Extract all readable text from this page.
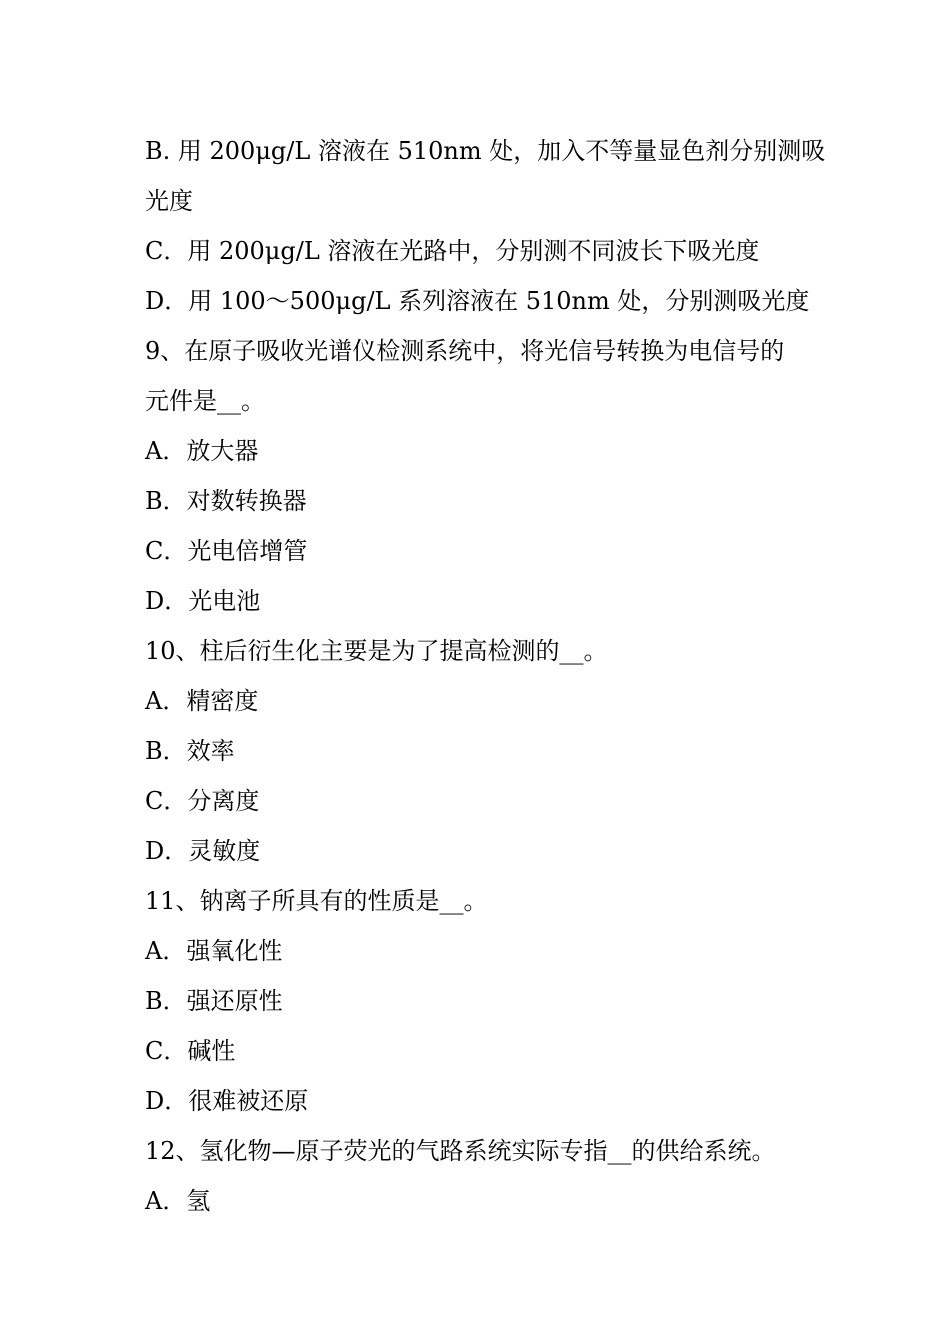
B. 用 200μg/L 溶液在 510nm 处，加入不等量显色剂分别测吸
光度
C．用 200μg/L 溶液在光路中，分别测不同波长下吸光度
D．用 100～500μg/L 系列溶液在 510nm 处，分别测吸光度
9、在原子吸收光谱仪检测系统中，将光信号转换为电信号的
元件是__。
A．放大器
B．对数转换器
C．光电倍增管
D．光电池
10、柱后衍生化主要是为了提高检测的__。
A．精密度
B．效率
C．分离度
D．灵敏度
11、钠离子所具有的性质是__。
A．强氧化性
B．强还原性
C．碱性
D．很难被还原
12、氢化物—原子荧光的气路系统实际专指__的供给系统。
A．氢
